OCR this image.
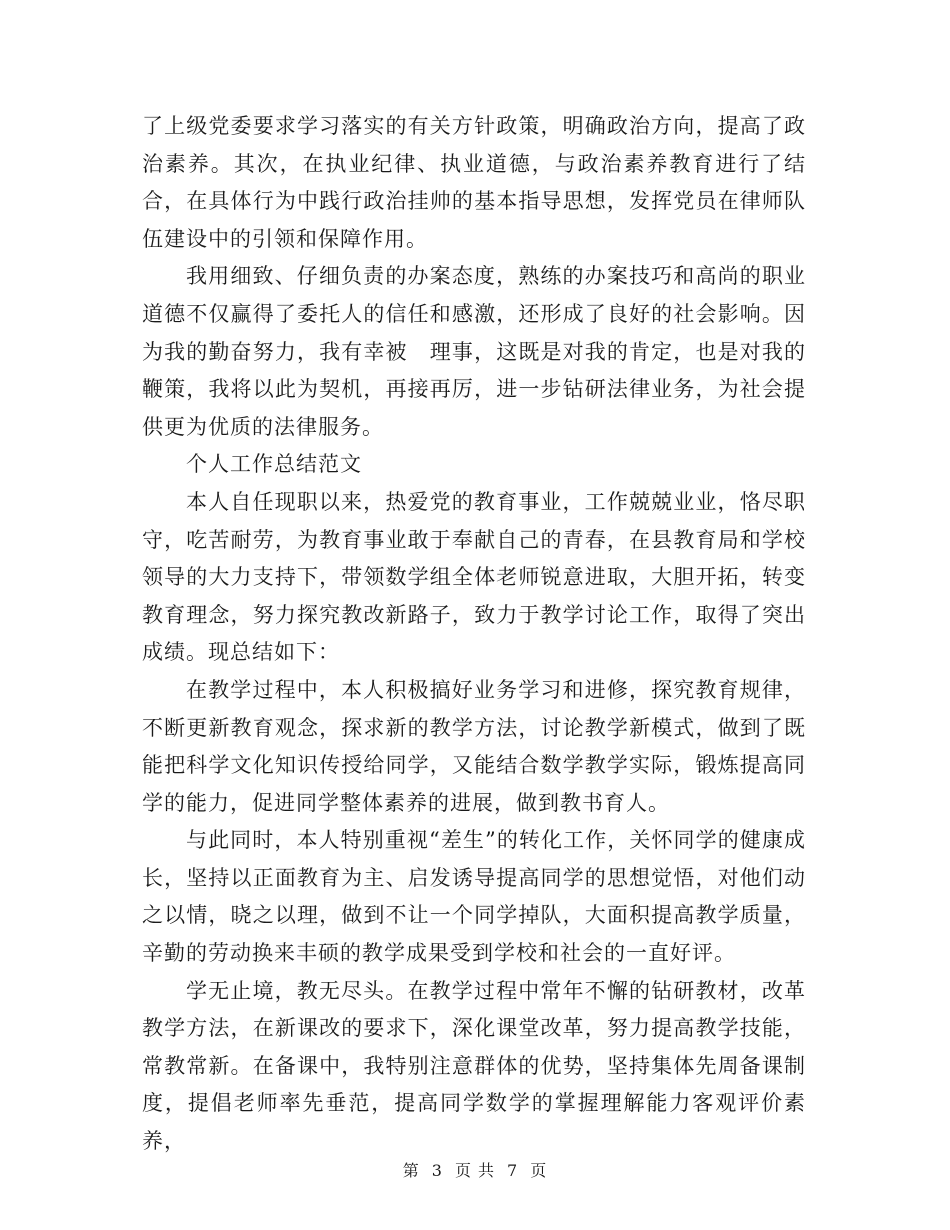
了上级党委要求学习落实的有关方针政策，明确政治方向，提高了政治素养。其次，在执业纪律、执业道德，与政治素养教育进行了结合，在具体行为中践行政治挂帅的基本指导思想，发挥党员在律师队伍建设中的引领和保障作用。

我用细致、仔细负责的办案态度，熟练的办案技巧和高尚的职业道德不仅赢得了委托人的信任和感激，还形成了良好的社会影响。因为我的勤奋努力，我有幸被　理事，这既是对我的肯定，也是对我的鞭策，我将以此为契机，再接再厉，进一步钻研法律业务，为社会提供更为优质的法律服务。

个人工作总结范文

本人自任现职以来，热爱党的教育事业，工作兢兢业业，恪尽职守，吃苦耐劳，为教育事业敢于奉献自己的青春，在县教育局和学校领导的大力支持下，带领数学组全体老师锐意进取，大胆开拓，转变教育理念，努力探究教改新路子，致力于教学讨论工作，取得了突出成绩。现总结如下：

在教学过程中，本人积极搞好业务学习和进修，探究教育规律，不断更新教育观念，探求新的教学方法，讨论教学新模式，做到了既能把科学文化知识传授给同学，又能结合数学教学实际，锻炼提高同学的能力，促进同学整体素养的进展，做到教书育人。

与此同时，本人特别重视“差生”的转化工作，关怀同学的健康成长，坚持以正面教育为主、启发诱导提高同学的思想觉悟，对他们动之以情，晓之以理，做到不让一个同学掉队，大面积提高教学质量，辛勤的劳动换来丰硕的教学成果受到学校和社会的一直好评。

学无止境，教无尽头。在教学过程中常年不懈的钻研教材，改革教学方法，在新课改的要求下，深化课堂改革，努力提高教学技能，常教常新。在备课中，我特别注意群体的优势，坚持集体先周备课制度，提倡老师率先垂范，提高同学数学的掌握理解能力客观评价素养，

第 3 页 共 7 页
